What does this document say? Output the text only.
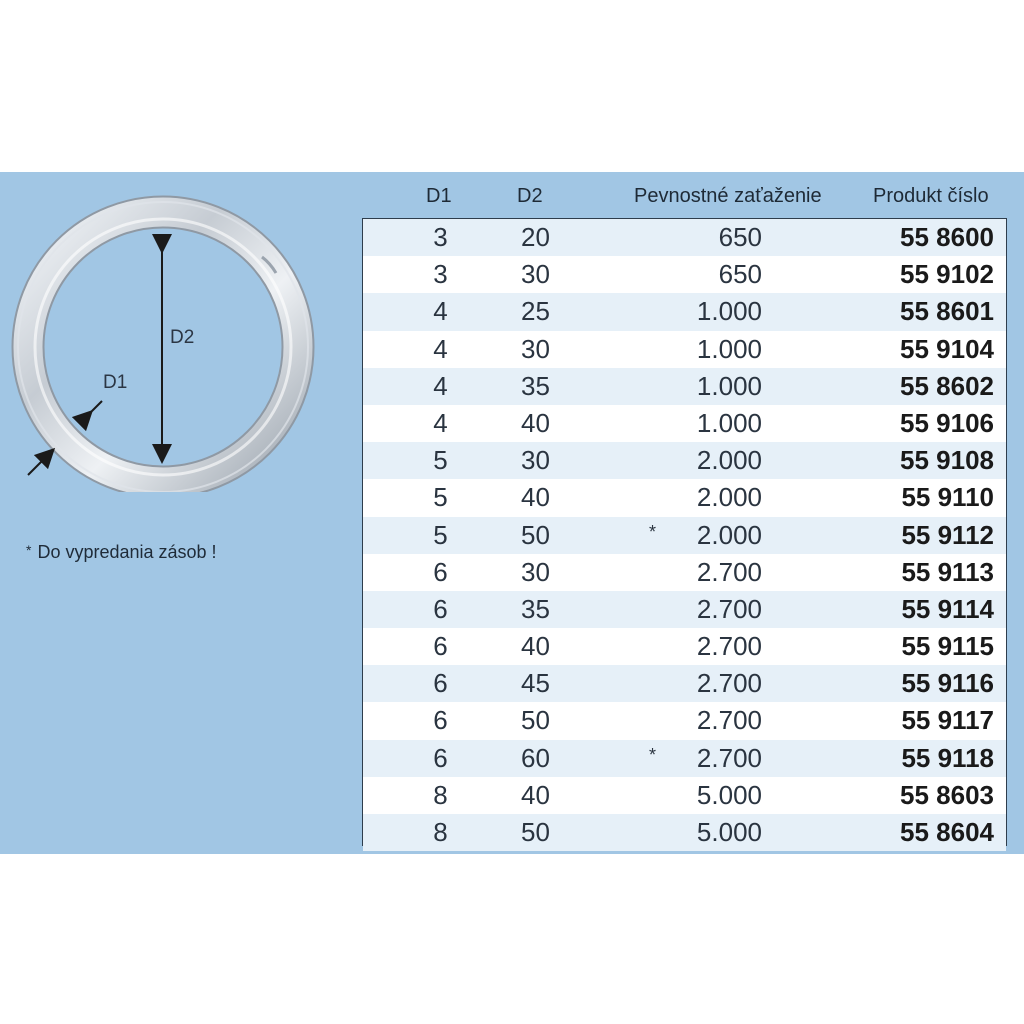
D2
D1
* Do vypredania zásob !
D1	D2	Pevnostné zaťaženie	Produkt číslo
3	20	650	55 8600
3	30	650	55 9102
4	25	1.000	55 8601
4	30	1.000	55 9104
4	35	1.000	55 8602
4	40	1.000	55 9106
5	30	2.000	55 9108
5	40	2.000	55 9110
5	50	*	2.000	55 9112
6	30	2.700	55 9113
6	35	2.700	55 9114
6	40	2.700	55 9115
6	45	2.700	55 9116
6	50	2.700	55 9117
6	60	*	2.700	55 9118
8	40	5.000	55 8603
8	50	5.000	55 8604
